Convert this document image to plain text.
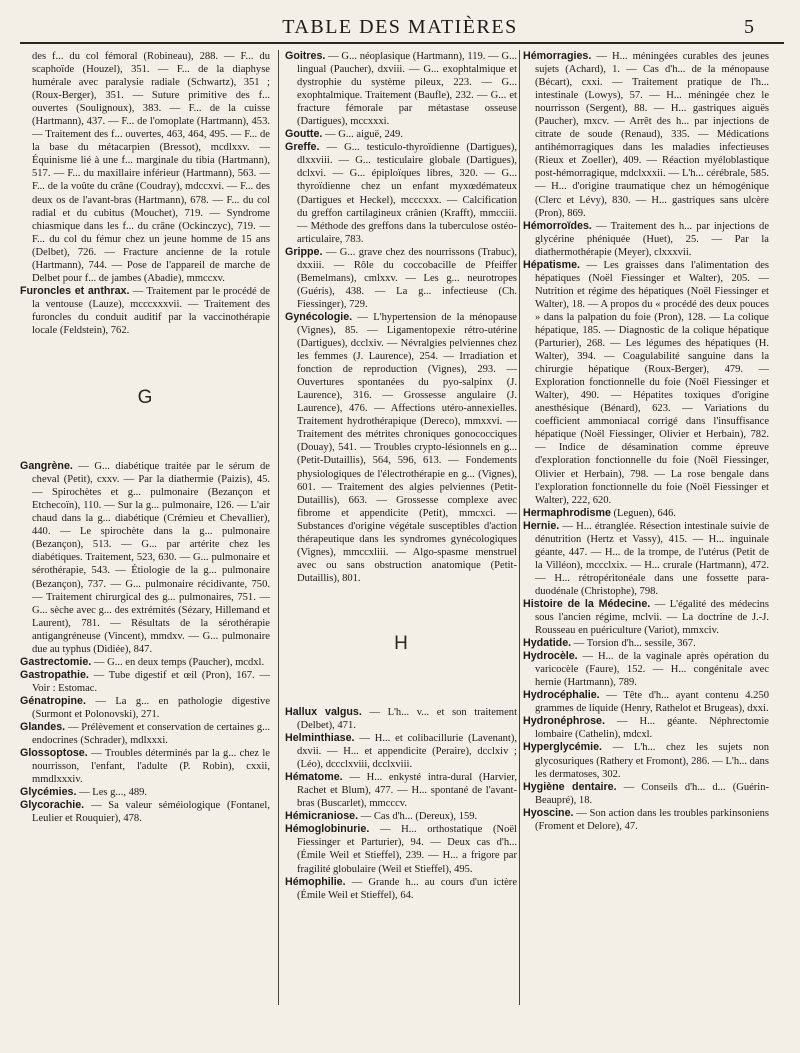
TABLE DES MATIÈRES	5
des f... du col fémoral (Robineau), 288. — F... du scaphoïde (Houzel), 351. — F... de la diaphyse humérale avec paralysie radiale (Schwartz), 351 ; (Roux-Berger), 351. — Suture primitive des f... ouvertes (Soulignoux), 383. — F... de la cuisse (Hartmann), 437. — F... de l'omoplate (Hartmann), 453. — Traitement des f... ouvertes, 463, 464, 495. — F... de la base du métacarpien (Bressot), mcdlxxv. — Équinisme lié à une f... marginale du tibia (Hartmann), 517. — F... du maxillaire inférieur (Hartmann), 563. — F... de la voûte du crâne (Coudray), mdccxvi. — F... des deux os de l'avant-bras (Hartmann), 678. — F... du col radial et du cubitus (Mouchet), 719. — Syndrome chiasmique dans les f... du crâne (Ockinczyc), 719. — F... du col du fémur chez un jeune homme de 15 ans (Delbet), 726. — Fracture ancienne de la rotule (Hartmann), 744. — Pose de l'appareil de marche de Delbet pour f... de jambes (Abadie), mmccxv.
Furoncles et anthrax. — Traitement par le procédé de la ventouse (Lauze), mcccxxxvii. — Traitement des furoncles du conduit auditif par la vaccinothérapie locale (Feldstein), 762.
G
Gangrène. — G... diabétique traitée par le sérum de cheval (Petit), cxxv. — Par la diathermie (Paizis), 45. — Spirochètes et g... pulmonaire (Bezançon et Etchecoïn), 110. — Sur la g... pulmonaire, 126. — L'air chaud dans la g... diabétique (Crémieu et Chevallier), 440. — Le spirochète dans la g... pulmonaire (Bezançon), 513. — G... par artérite chez les diabétiques. Traitement, 523, 630. — G... pulmonaire et sérothérapie, 543. — Étiologie de la g... pulmonaire (Bezançon), 737. — G... pulmonaire récidivante, 750. — Traitement chirurgical des g... pulmonaires, 751. — G... sèche avec g... des extrémités (Sézary, Hillemand et Laurent), 781. — Résultats de la sérothérapie antigangréneuse (Vincent), mmdxv. — G... pulmonaire due au typhus (Didiée), 847.
Gastrectomie. — G... en deux temps (Paucher), mcdxl.
Gastropathie. — Tube digestif et œil (Pron), 167. — Voir : Estomac.
Génatropine. — La g... en pathologie digestive (Surmont et Polonovski), 271.
Glandes. — Prélèvement et conservation de certaines g... endocrines (Schrader), mdlxxxi.
Glossoptose. — Troubles déterminés par la g... chez le nourrisson, l'enfant, l'adulte (P. Robin), cxxii, mmdlxxxiv.
Glycémies. — Les g..., 489.
Glycorachie. — Sa valeur séméiologique (Fontanel, Leulier et Rouquier), 478.
Goitres. — G... néoplasique (Hartmann), 119. — G... lingual (Paucher), dxviii. — G... exophtalmique et dystrophie du système pileux, 223. — G... exophtalmique. Traitement (Baufle), 232. — G... et fracture fémorale par métastase osseuse (Dartigues), mccxxxi.
Goutte. — G... aiguë, 249.
Greffe. — G... testiculo-thyroïdienne (Dartigues), dlxxviii. — G... testiculaire globale (Dartigues), dclxvi. — G... épiploïques libres, 320. — G... thyroïdienne chez un enfant myxœdémateux (Dartigues et Heckel), mcccxxx. — Calcification du greffon cartilagineux crânien (Krafft), mmcciii. — Méthode des greffons dans la tuberculose ostéo-articulaire, 783.
Grippe. — G... grave chez des nourrissons (Trabuc), dxxiii. — Rôle du coccobacille de Pfeiffer (Bemelmans), cmlxxv. — Les g... neurotropes (Guéris), 438. — La g... infectieuse (Ch. Fiessinger), 729.
Gynécologie. — L'hypertension de la ménopause (Vignes), 85. — Ligamentopexie rétro-utérine (Dartigues), dcclxiv. — Névralgies pelviennes chez les femmes (J. Laurence), 254. — Irradiation et fonction de reproduction (Vignes), 293. — Ouvertures spontanées du pyo-salpinx (J. Laurence), 316. — Grossesse angulaire (J. Laurence), 476. — Affections utéro-annexielles. Traitement hydrothérapique (Dereco), mmxxvi. — Traitement des métrites chroniques gonococciques (Douay), 541. — Troubles crypto-lésionnels en g... (Petit-Dutaillis), 564, 596, 613. — Fondements physiologiques de l'électrothérapie en g... (Vignes), 601. — Traitement des algies pelviennes (Petit-Dutaillis), 663. — Grossesse complexe avec fibrome et appendicite (Petit), mmcxci. — Substances d'origine végétale susceptibles d'action thérapeutique dans les syndromes gynécologiques (Vignes), mmccxliii. — Algo-spasme menstruel avec ou sans obstruction anatomique (Petit-Dutaillis), 801.
H
Hallux valgus. — L'h... v... et son traitement (Delbet), 471.
Helminthiase. — H... et colibacillurie (Lavenant), dxvii. — H... et appendicite (Peraire), dcclxiv ; (Léo), dccclxviii, dcclxviii.
Hématome. — H... enkysté intra-dural (Harvier, Rachet et Blum), 477. — H... spontané de l'avant-bras (Buscarlet), mmcccv.
Hémicraniose. — Cas d'h... (Dereux), 159.
Hémoglobinurie. — H... orthostatique (Noël Fiessinger et Parturier), 94. — Deux cas d'h... (Émile Weil et Stieffel), 239. — H... a frigore par fragilité globulaire (Weil et Stieffel), 495.
Hémophilie. — Grande h... au cours d'un ictère (Émile Weil et Stieffel), 64.
Hémorragies. — H... méningées curables des jeunes sujets (Achard), 1. — Cas d'h... de la ménopause (Bécart), cxxi. — Traitement pratique de l'h... intestinale (Lowys), 57. — H... méningée chez le nourrisson (Sergent), 88. — H... gastriques aiguës (Paucher), mxcv. — Arrêt des h... par injections de citrate de soude (Renaud), 335. — Médications antihémorragiques dans les maladies infectieuses (Rieux et Zoeller), 409. — Réaction myéloblastique post-hémorragique, mdclxxxii. — L'h... cérébrale, 585. — H... d'origine traumatique chez un hémogénique (Clerc et Lévy), 830. — H... gastriques sans ulcère (Pron), 869.
Hémorroïdes. — Traitement des h... par injections de glycérine phéniquée (Huet), 25. — Par la diathermothérapie (Meyer), clxxxvii.
Hépatisme. — Les graisses dans l'alimentation des hépatiques (Noël Fiessinger et Walter), 205. — Nutrition et régime des hépatiques (Noël Fiessinger et Walter), 18. — A propos du « procédé des deux pouces » dans la palpation du foie (Pron), 128. — La colique hépatique, 185. — Diagnostic de la colique hépatique (Parturier), 268. — Les légumes des hépatiques (H. Walter), 394. — Coagulabilité sanguine dans la chirurgie hépatique (Roux-Berger), 479. — Exploration fonctionnelle du foie (Noël Fiessinger et Walter), 490. — Hépatites toxiques d'origine anesthésique (Bénard), 623. — Variations du coefficient ammoniacal corrigé dans l'insuffisance hépatique (Noël Fiessinger, Olivier et Herbain), 782. — Indice de désamination comme épreuve d'exploration fonctionnelle du foie (Noël Fiessinger, Olivier et Herbain), 798. — La rose bengale dans l'exploration fonctionnelle du foie (Noël Fiessinger et Walter), 222, 620.
Hermaphrodisme (Leguen), 646.
Hernie. — H... étranglée. Résection intestinale suivie de dénutrition (Hertz et Vassy), 415. — H... inguinale géante, 447. — H... de la trompe, de l'utérus (Petit de la Villéon), mccclxix. — H... crurale (Hartmann), 472. — H... rétropéritonéale dans une fossette para-duodénale (Christophe), 798.
Histoire de la Médecine. — L'égalité des médecins sous l'ancien régime, mclvii. — La doctrine de J.-J. Rousseau en puériculture (Variot), mmxciv.
Hydatide. — Torsion d'h... sessile, 367.
Hydrocèle. — H... de la vaginale après opération du varicocèle (Faure), 152. — H... congénitale avec hernie (Hartmann), 789.
Hydrocéphalie. — Tête d'h... ayant contenu 4.250 grammes de liquide (Henry, Rathelot et Brugeas), dxxi.
Hydronéphrose. — H... géante. Néphrectomie lombaire (Cathelin), mdcxl.
Hyperglycémie. — L'h... chez les sujets non glycosuriques (Rathery et Fromont), 286. — L'h... dans les dermatoses, 302.
Hygiène dentaire. — Conseils d'h... d... (Guérin-Beaupré), 18.
Hyoscine. — Son action dans les troubles parkinsoniens (Froment et Delore), 47.
